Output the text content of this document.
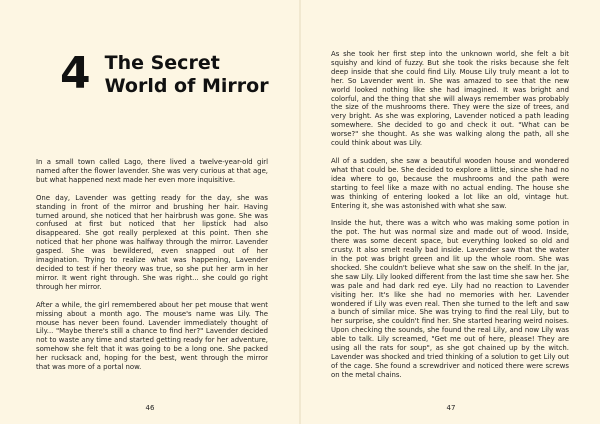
4 The Secret World of Mirror

In a small town called Lago, there lived a twelve-year-old girl named after the flower lavender. She was very curious at that age, but what happened next made her even more inquisitive.

One day, Lavender was getting ready for the day, she was standing in front of the mirror and brushing her hair. Having turned around, she noticed that her hairbrush was gone. She was confused at first but noticed that her lipstick had also disappeared. She got really perplexed at this point. Then she noticed that her phone was halfway through the mirror. Lavender gasped. She was bewildered, even snapped out of her imagination. Trying to realize what was happening, Lavender decided to test if her theory was true, so she put her arm in her mirror. It went right through. She was right... she could go right through her mirror.

After a while, the girl remembered about her pet mouse that went missing about a month ago. The mouse's name was Lily. The mouse has never been found. Lavender immediately thought of Lily... "Maybe there's still a chance to find her?" Lavender decided not to waste any time and started getting ready for her adventure, somehow she felt that it was going to be a long one. She packed her rucksack and, hoping for the best, went through the mirror that was more of a portal now.

46

As she took her first step into the unknown world, she felt a bit squishy and kind of fuzzy. But she took the risks because she felt deep inside that she could find Lily. Mouse Lily truly meant a lot to her. So Lavender went in. She was amazed to see that the new world looked nothing like she had imagined. It was bright and colorful, and the thing that she will always remember was probably the size of the mushrooms there. They were the size of trees, and very bright. As she was exploring, Lavender noticed a path leading somewhere. She decided to go and check it out. "What can be worse?" she thought. As she was walking along the path, all she could think about was Lily.

All of a sudden, she saw a beautiful wooden house and wondered what that could be. She decided to explore a little, since she had no idea where to go, because the mushrooms and the path were starting to feel like a maze with no actual ending. The house she was thinking of entering looked a lot like an old, vintage hut. Entering it, she was astonished with what she saw.

Inside the hut, there was a witch who was making some potion in the pot. The hut was normal size and made out of wood. Inside, there was some decent space, but everything looked so old and crusty. It also smelt really bad inside. Lavender saw that the water in the pot was bright green and lit up the whole room. She was shocked. She couldn't believe what she saw on the shelf. In the jar, she saw Lily. Lily looked different from the last time she saw her. She was pale and had dark red eye. Lily had no reaction to Lavender visiting her. It's like she had no memories with her. Lavender wondered if Lily was even real. Then she turned to the left and saw a bunch of similar mice. She was trying to find the real Lily, but to her surprise, she couldn't find her. She started hearing weird noises. Upon checking the sounds, she found the real Lily, and now Lily was able to talk. Lily screamed, "Get me out of here, please! They are using all the rats for soup", as she got chained up by the witch. Lavender was shocked and tried thinking of a solution to get Lily out of the cage. She found a screwdriver and noticed there were screws on the metal chains.

47
